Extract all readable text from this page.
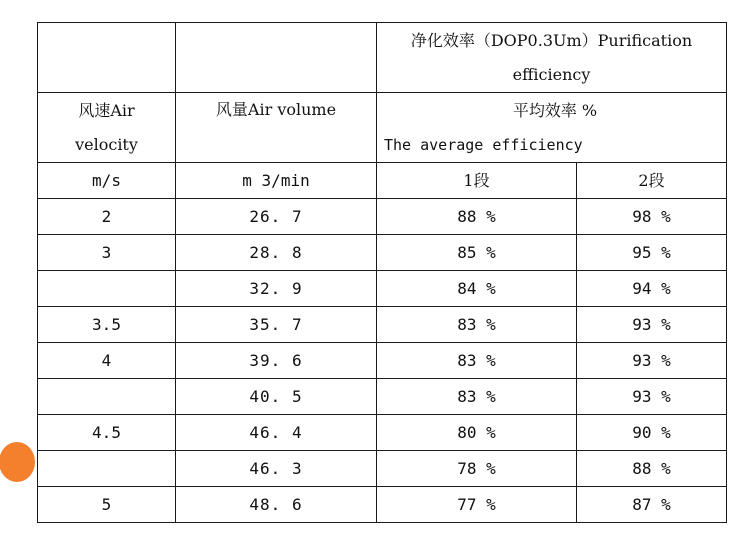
		净化效率（DOP0.3Um）Purification efficiency	
风速Air velocity	风量Air volume	平均效率 %
The average efficiency	

m/s	m 3/min	1段	2段
2	26. 7	88 %	98 %
3	28. 8	85 %	95 %
	32. 9	84 %	94 %
3.5	35. 7	83 %	93 %
4	39. 6	83 %	93 %
	40. 5	83 %	93 %
4.5	46. 4	80 %	90 %
	46. 3	78 %	88 %
5	48. 6	77 %	87 %
